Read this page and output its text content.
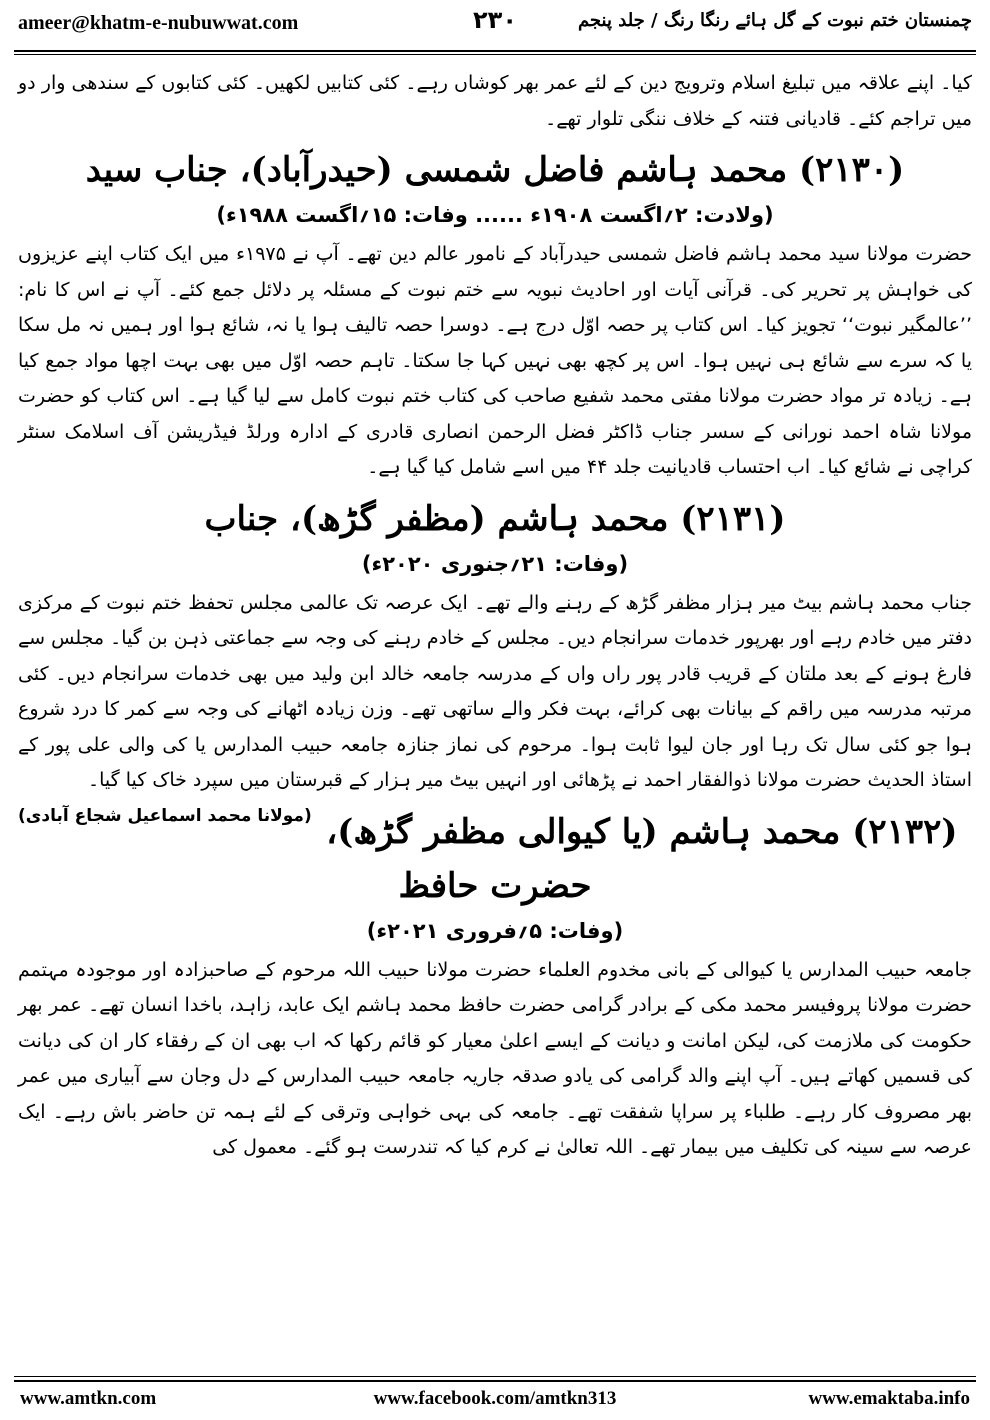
ameer@khatm-e-nubuwwat.com	۲۳۰	چمنستان ختم نبوت کے گل ہائے رنگا رنگ / جلد پنجم

کیا۔ اپنے علاقہ میں تبلیغ اسلام وترویج دین کے لئے عمر بھر کوشاں رہے۔ کئی کتابیں لکھیں۔ کئی کتابوں کے سندھی وار دو میں تراجم کئے۔ قادیانی فتنہ کے خلاف ننگی تلوار تھے۔

(۲۱۳۰) محمد ہاشم فاضل شمسی (حیدرآباد)، جناب سید
(ولادت: ۲؍اگست ۱۹۰۸ء ...... وفات: ۱۵؍اگست ۱۹۸۸ء)

حضرت مولانا سید محمد ہاشم فاضل شمسی حیدرآباد کے نامور عالم دین تھے۔ آپ نے ۱۹۷۵ء میں ایک کتاب اپنے عزیزوں کی خواہش پر تحریر کی۔ قرآنی آیات اور احادیث نبویہ سے ختم نبوت کے مسئلہ پر دلائل جمع کئے۔ آپ نے اس کا نام: ’’عالمگیر نبوت‘‘ تجویز کیا۔ اس کتاب پر حصہ اوّل درج ہے۔ دوسرا حصہ تالیف ہوا یا نہ، شائع ہوا اور ہمیں نہ مل سکا یا کہ سرے سے شائع ہی نہیں ہوا۔ اس پر کچھ بھی نہیں کہا جا سکتا۔ تاہم حصہ اوّل میں بھی بہت اچھا مواد جمع کیا ہے۔ زیادہ تر مواد حضرت مولانا مفتی محمد شفیع صاحب کی کتاب ختم نبوت کامل سے لیا گیا ہے۔ اس کتاب کو حضرت مولانا شاہ احمد نورانی کے سسر جناب ڈاکٹر فضل الرحمن انصاری قادری کے ادارہ ورلڈ فیڈریشن آف اسلامک سنٹر کراچی نے شائع کیا۔ اب احتساب قادیانیت جلد ۴۴ میں اسے شامل کیا گیا ہے۔

(۲۱۳۱) محمد ہاشم (مظفر گڑھ)، جناب
(وفات: ۲۱؍جنوری ۲۰۲۰ء)

جناب محمد ہاشم بیٹ میر ہزار مظفر گڑھ کے رہنے والے تھے۔ ایک عرصہ تک عالمی مجلس تحفظ ختم نبوت کے مرکزی دفتر میں خادم رہے اور بھرپور خدمات سرانجام دیں۔ مجلس کے خادم رہنے کی وجہ سے جماعتی ذہن بن گیا۔ مجلس سے فارغ ہونے کے بعد ملتان کے قریب قادر پور راں واں کے مدرسہ جامعہ خالد ابن ولید میں بھی خدمات سرانجام دیں۔ کئی مرتبہ مدرسہ میں راقم کے بیانات بھی کرائے، بہت فکر والے ساتھی تھے۔ وزن زیادہ اٹھانے کی وجہ سے کمر کا درد شروع ہوا جو کئی سال تک رہا اور جان لیوا ثابت ہوا۔ مرحوم کی نماز جنازہ جامعہ حبیب المدارس یا کی والی علی پور کے استاذ الحدیث حضرت مولانا ذوالفقار احمد نے پڑھائی اور انہیں بیٹ میر ہزار کے قبرستان میں سپرد خاک کیا گیا۔
(مولانا محمد اسماعیل شجاع آبادی) (۲۱۳۲) محمد ہاشم (یا کیوالی مظفر گڑھ)، حضرت حافظ
(وفات: ۵؍فروری ۲۰۲۱ء)

جامعہ حبیب المدارس یا کیوالی کے بانی مخدوم العلماء حضرت مولانا حبیب اللہ مرحوم کے صاحبزادہ اور موجودہ مہتمم حضرت مولانا پروفیسر محمد مکی کے برادر گرامی حضرت حافظ محمد ہاشم ایک عابد، زاہد، باخدا انسان تھے۔ عمر بھر حکومت کی ملازمت کی، لیکن امانت و دیانت کے ایسے اعلیٰ معیار کو قائم رکھا کہ اب بھی ان کے رفقاء کار ان کی دیانت کی قسمیں کھاتے ہیں۔ آپ اپنے والد گرامی کی یادو صدقہ جاریہ جامعہ حبیب المدارس کے دل وجان سے آبیاری میں عمر بھر مصروف کار رہے۔ طلباء پر سراپا شفقت تھے۔ جامعہ کی بہی خواہی وترقی کے لئے ہمہ تن حاضر باش رہے۔ ایک عرصہ سے سینہ کی تکلیف میں بیمار تھے۔ اللہ تعالیٰ نے کرم کیا کہ تندرست ہو گئے۔ معمول کی

www.amtkn.com	www.facebook.com/amtkn313	www.emaktaba.info
